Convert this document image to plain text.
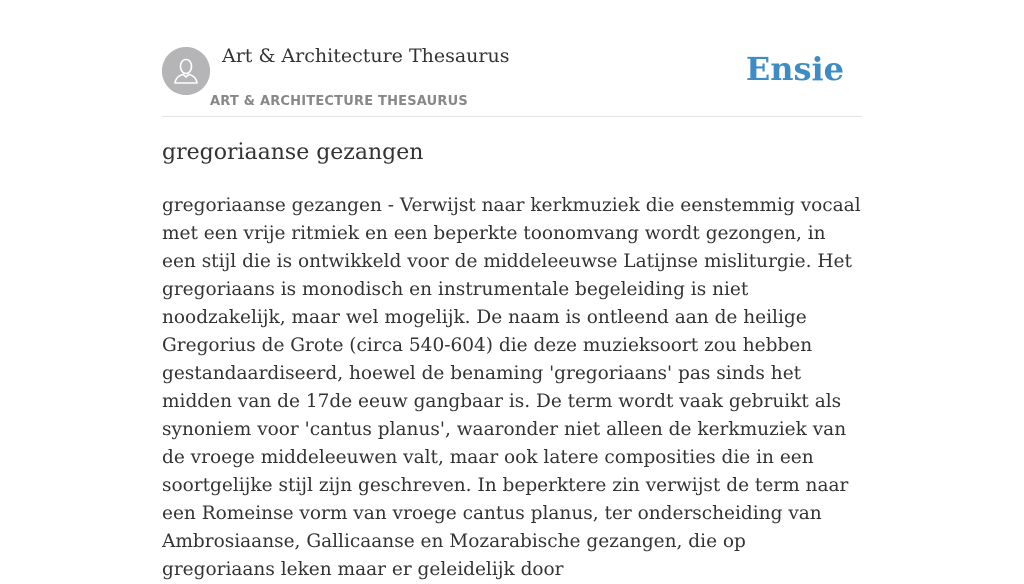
Art & Architecture Thesaurus
ART & ARCHITECTURE THESAURUS
Ensie
gregoriaanse gezangen

gregoriaanse gezangen - Verwijst naar kerkmuziek die eenstemmig vocaal met een vrije ritmiek en een beperkte toonomvang wordt gezongen, in een stijl die is ontwikkeld voor de middeleeuwse Latijnse misliturgie. Het gregoriaans is monodisch en instrumentale begeleiding is niet noodzakelijk, maar wel mogelijk. De naam is ontleend aan de heilige Gregorius de Grote (circa 540-604) die deze muzieksoort zou hebben gestandaardiseerd, hoewel de benaming 'gregoriaans' pas sinds het midden van de 17de eeuw gangbaar is. De term wordt vaak gebruikt als synoniem voor 'cantus planus', waaronder niet alleen de kerkmuziek van de vroege middeleeuwen valt, maar ook latere composities die in een soortgelijke stijl zijn geschreven. In beperktere zin verwijst de term naar een Romeinse vorm van vroege cantus planus, ter onderscheiding van Ambrosiaanse, Gallicaanse en Mozarabische gezangen, die op gregoriaans leken maar er geleidelijk door
